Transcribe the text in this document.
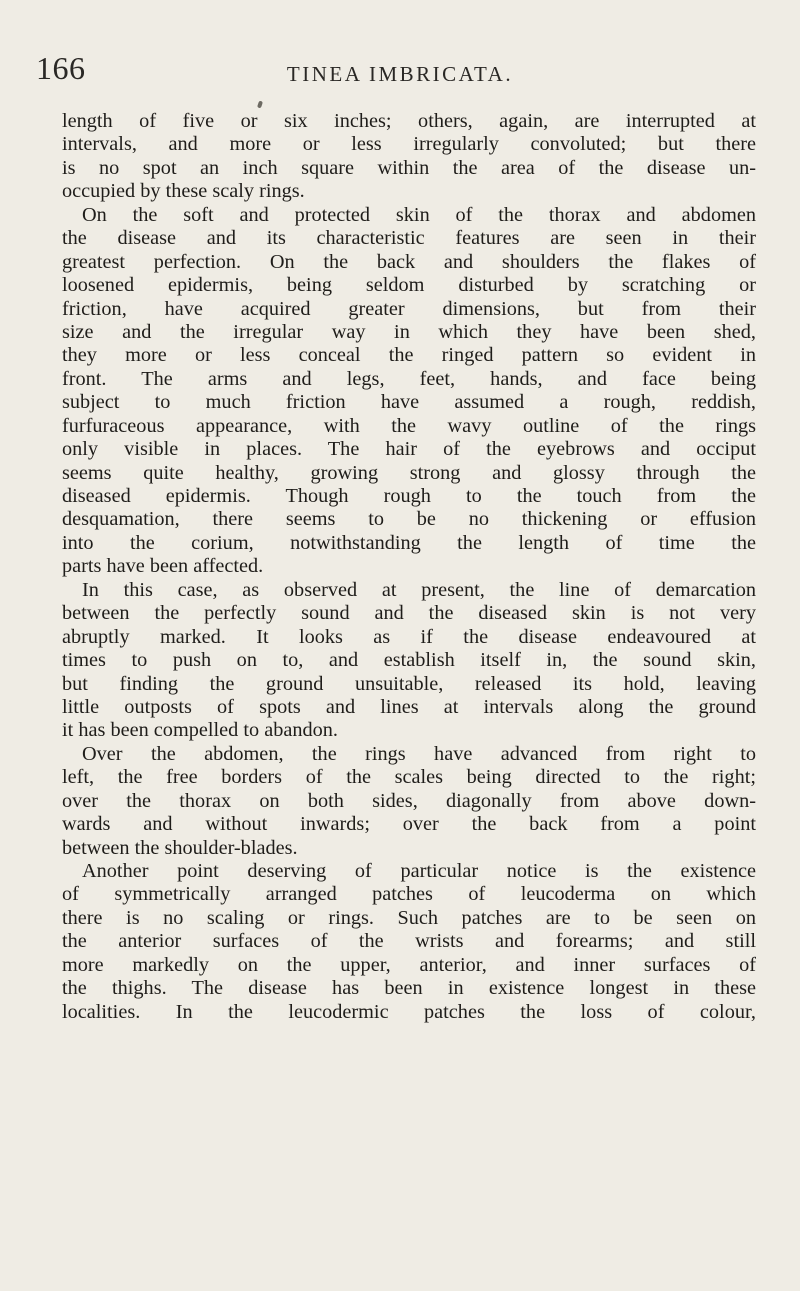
166	TINEA IMBRICATA.
length of five or six inches; others, again, are interrupted at
intervals, and more or less irregularly convoluted; but there
is no spot an inch square within the area of the disease un-
occupied by these scaly rings.
On the soft and protected skin of the thorax and abdomen
the disease and its characteristic features are seen in their
greatest perfection. On the back and shoulders the flakes of
loosened epidermis, being seldom disturbed by scratching or
friction, have acquired greater dimensions, but from their
size and the irregular way in which they have been shed,
they more or less conceal the ringed pattern so evident in
front. The arms and legs, feet, hands, and face being
subject to much friction have assumed a rough, reddish,
furfuraceous appearance, with the wavy outline of the rings
only visible in places. The hair of the eyebrows and occiput
seems quite healthy, growing strong and glossy through the
diseased epidermis. Though rough to the touch from the
desquamation, there seems to be no thickening or effusion
into the corium, notwithstanding the length of time the
parts have been affected.
In this case, as observed at present, the line of demarcation
between the perfectly sound and the diseased skin is not very
abruptly marked. It looks as if the disease endeavoured at
times to push on to, and establish itself in, the sound skin,
but finding the ground unsuitable, released its hold, leaving
little outposts of spots and lines at intervals along the ground
it has been compelled to abandon.
Over the abdomen, the rings have advanced from right to
left, the free borders of the scales being directed to the right;
over the thorax on both sides, diagonally from above down-
wards and without inwards; over the back from a point
between the shoulder-blades.
Another point deserving of particular notice is the existence
of symmetrically arranged patches of leucoderma on which
there is no scaling or rings. Such patches are to be seen on
the anterior surfaces of the wrists and forearms; and still
more markedly on the upper, anterior, and inner surfaces of
the thighs. The disease has been in existence longest in these
localities. In the leucodermic patches the loss of colour,
